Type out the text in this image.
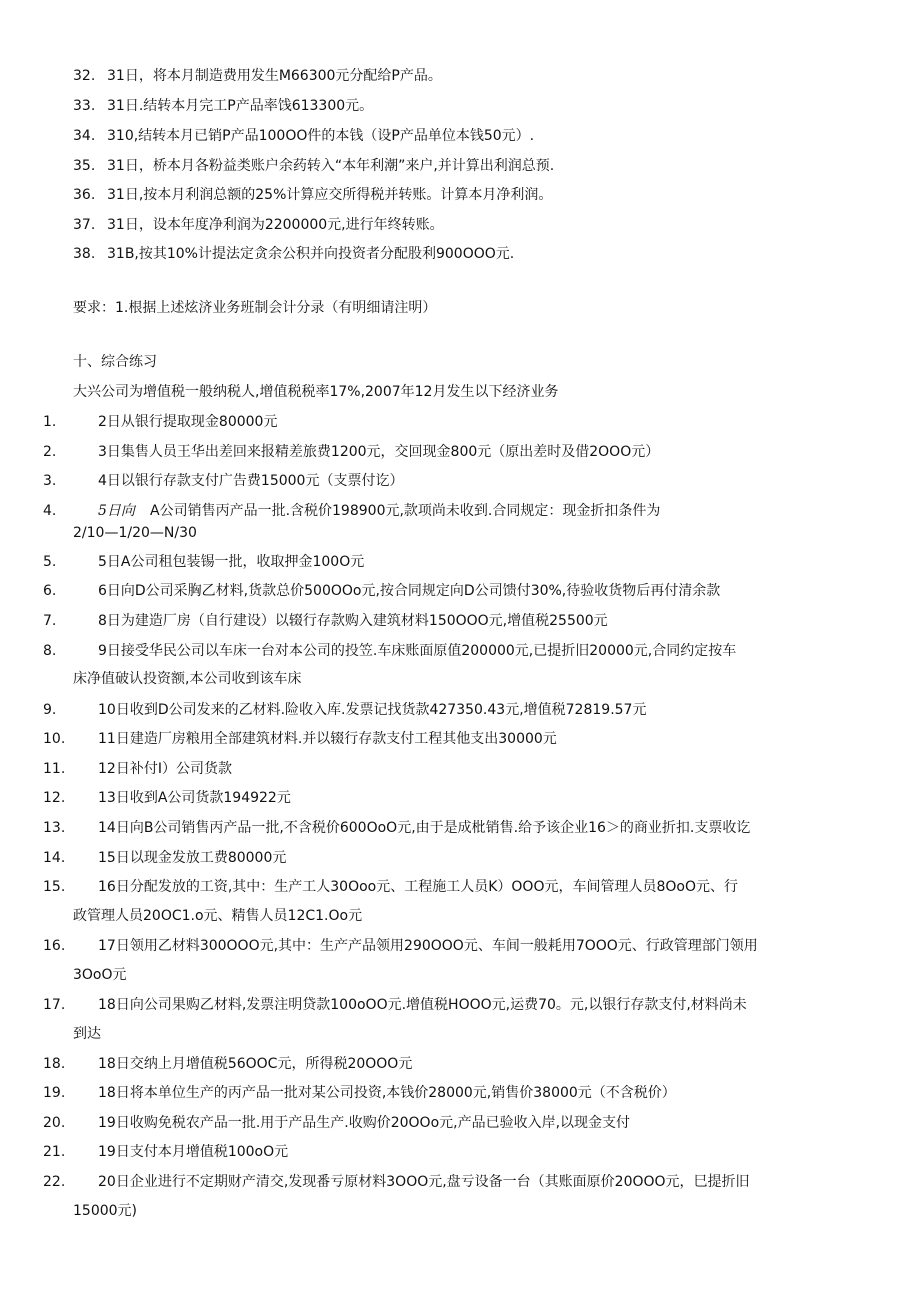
32. 31日，将本月制造费用发生M66300元分配给P产品。
33. 31日.结转本月完工P产品率饯613300元。
34. 310,结转本月已销P产品100OO件的本钱（设P产品单位本钱50元）.
35. 31日，桥本月各粉益类账户余药转入“本年利潮”来户,并计算出利润总预.
36. 31日,按本月利润总额的25%计算应交所得税并转账。计算本月净利润。
37. 31日，设本年度净利润为2200000元,进行年终转账。
38. 31B,按其10%计提法定贪余公积并向投资者分配股利900OOO元.
要求：1.根据上述炫济业务班制会计分录（有明细请注明）
十、综合练习
大兴公司为增值税一般纳税人,增值税税率17%,2007年12月发生以下经济业务
1.	2日从银行提取现金80000元
2.	3日集售人员王华出差回来报精差旅费1200元，交回现金800元（原出差时及借2OOO元）
3.	4日以银行存款支付广告费15000元（支票付讫）
4.	5日向 A公司销售丙产品一批.含税价198900元,款项尚未收到.合同规定：现金折扣条件为
2/10—1/20—N/30
5.	5日A公司租包装锡一批，收取押金100O元
6.	6日向D公司采胸乙材料,货款总价500OOo元,按合同规定向D公司馈付30%,待验收货物后再付清余款
7.	8日为建造厂房（自行建设）以辍行存款购入建筑材料150OOO元,增值税25500元
8.	9日接受华民公司以车床一台对本公司的投笠.车床账面原值200000元,已提折旧20000元,合同约定按车
床净值破认投资额,本公司收到该车床
9.	10日收到D公司发来的乙材料.险收入库.发票记找货款427350.43元,增值税72819.57元
10. 11日建造厂房粮用全部建筑材料.并以辍行存款支付工程其他支出30000元
11. 12日补付I）公司货款
12. 13日收到A公司货款194922元
13. 14日向B公司销售丙产品一批,不含税价600OoO元,由于是成枇销售.给予该企业16＞的商业折扣.支票收讫
14. 15日以现金发放工费80000元
15. 16日分配发放的工资,其中：生产工人30Ooo元、工程施工人员K）OOO元，车间管理人员8OoO元、行
政管理人员20OC1.o元、精售人员12C1.Oo元
16. 17日领用乙材料300OOO元,其中：生产产品领用290OOO元、车间一般耗用7OOO元、行政管理部门领用
3OoO元
17. 18日向公司果购乙材料,发票注明贷款100oOO元.增值税HOOO元,运费70。元,以银行存款支付,材料尚未
到达
18. 18日交纳上月增值税56OOC元，所得税20OOO元
19. 18日将本单位生产的丙产品一批对某公司投资,本钱价28000元,销售价38000元（不含税价）
20. 19日收购免税农产品一批.用于产品生产.收购价20OOo元,产品已验收入岸,以现金支付
21. 19日支付本月增值税100oO元
22. 20日企业进行不定期财产清交,发现番亏原材料3OOO元,盘亏设备一台（其账面原价20OOO元，巳提折旧
15000元)
